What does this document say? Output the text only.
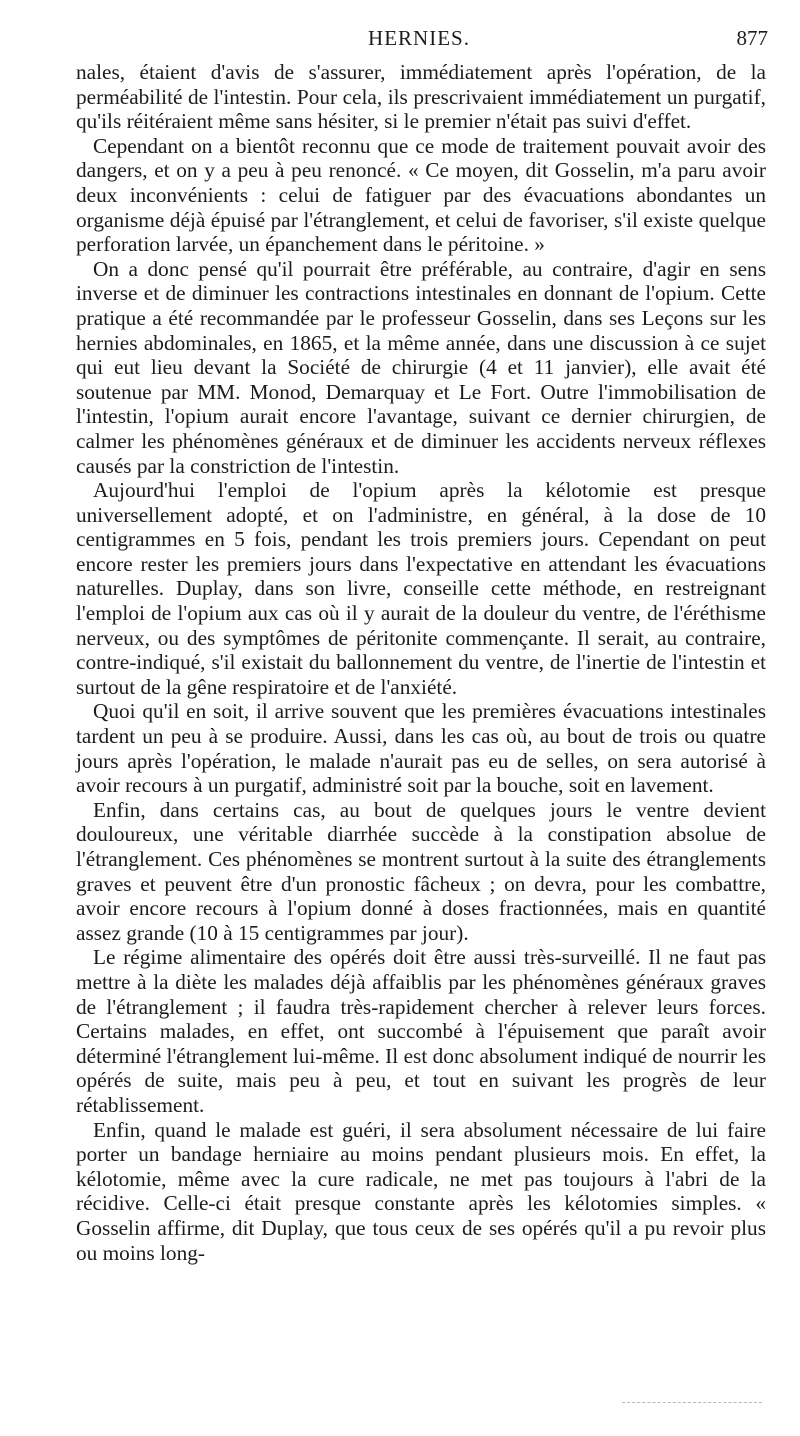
HERNIES.	877

nales, étaient d'avis de s'assurer, immédiatement après l'opération, de la perméabilité de l'intestin. Pour cela, ils prescrivaient immédiatement un purgatif, qu'ils réitéraient même sans hésiter, si le premier n'était pas suivi d'effet.

Cependant on a bientôt reconnu que ce mode de traitement pouvait avoir des dangers, et on y a peu à peu renoncé. « Ce moyen, dit Gosselin, m'a paru avoir deux inconvénients : celui de fatiguer par des évacuations abondantes un organisme déjà épuisé par l'étranglement, et celui de favoriser, s'il existe quelque perforation larvée, un épanchement dans le péritoine. »

On a donc pensé qu'il pourrait être préférable, au contraire, d'agir en sens inverse et de diminuer les contractions intestinales en donnant de l'opium. Cette pratique a été recommandée par le professeur Gosselin, dans ses Leçons sur les hernies abdominales, en 1865, et la même année, dans une discussion à ce sujet qui eut lieu devant la Société de chirurgie (4 et 11 janvier), elle avait été soutenue par MM. Monod, Demarquay et Le Fort. Outre l'immobilisation de l'intestin, l'opium aurait encore l'avantage, suivant ce dernier chirurgien, de calmer les phénomènes généraux et de diminuer les accidents nerveux réflexes causés par la constriction de l'intestin.

Aujourd'hui l'emploi de l'opium après la kélotomie est presque universellement adopté, et on l'administre, en général, à la dose de 10 centigrammes en 5 fois, pendant les trois premiers jours. Cependant on peut encore rester les premiers jours dans l'expectative en attendant les évacuations naturelles. Duplay, dans son livre, conseille cette méthode, en restreignant l'emploi de l'opium aux cas où il y aurait de la douleur du ventre, de l'éréthisme nerveux, ou des symptômes de péritonite commençante. Il serait, au contraire, contre-indiqué, s'il existait du ballonnement du ventre, de l'inertie de l'intestin et surtout de la gêne respiratoire et de l'anxiété.

Quoi qu'il en soit, il arrive souvent que les premières évacuations intestinales tardent un peu à se produire. Aussi, dans les cas où, au bout de trois ou quatre jours après l'opération, le malade n'aurait pas eu de selles, on sera autorisé à avoir recours à un purgatif, administré soit par la bouche, soit en lavement.

Enfin, dans certains cas, au bout de quelques jours le ventre devient douloureux, une véritable diarrhée succède à la constipation absolue de l'étranglement. Ces phénomènes se montrent surtout à la suite des étranglements graves et peuvent être d'un pronostic fâcheux ; on devra, pour les combattre, avoir encore recours à l'opium donné à doses fractionnées, mais en quantité assez grande (10 à 15 centigrammes par jour).

Le régime alimentaire des opérés doit être aussi très-surveillé. Il ne faut pas mettre à la diète les malades déjà affaiblis par les phénomènes généraux graves de l'étranglement ; il faudra très-rapidement chercher à relever leurs forces. Certains malades, en effet, ont succombé à l'épuisement que paraît avoir déterminé l'étranglement lui-même. Il est donc absolument indiqué de nourrir les opérés de suite, mais peu à peu, et tout en suivant les progrès de leur rétablissement.

Enfin, quand le malade est guéri, il sera absolument nécessaire de lui faire porter un bandage herniaire au moins pendant plusieurs mois. En effet, la kélotomie, même avec la cure radicale, ne met pas toujours à l'abri de la récidive. Celle-ci était presque constante après les kélotomies simples. « Gosselin affirme, dit Duplay, que tous ceux de ses opérés qu'il a pu revoir plus ou moins long-
